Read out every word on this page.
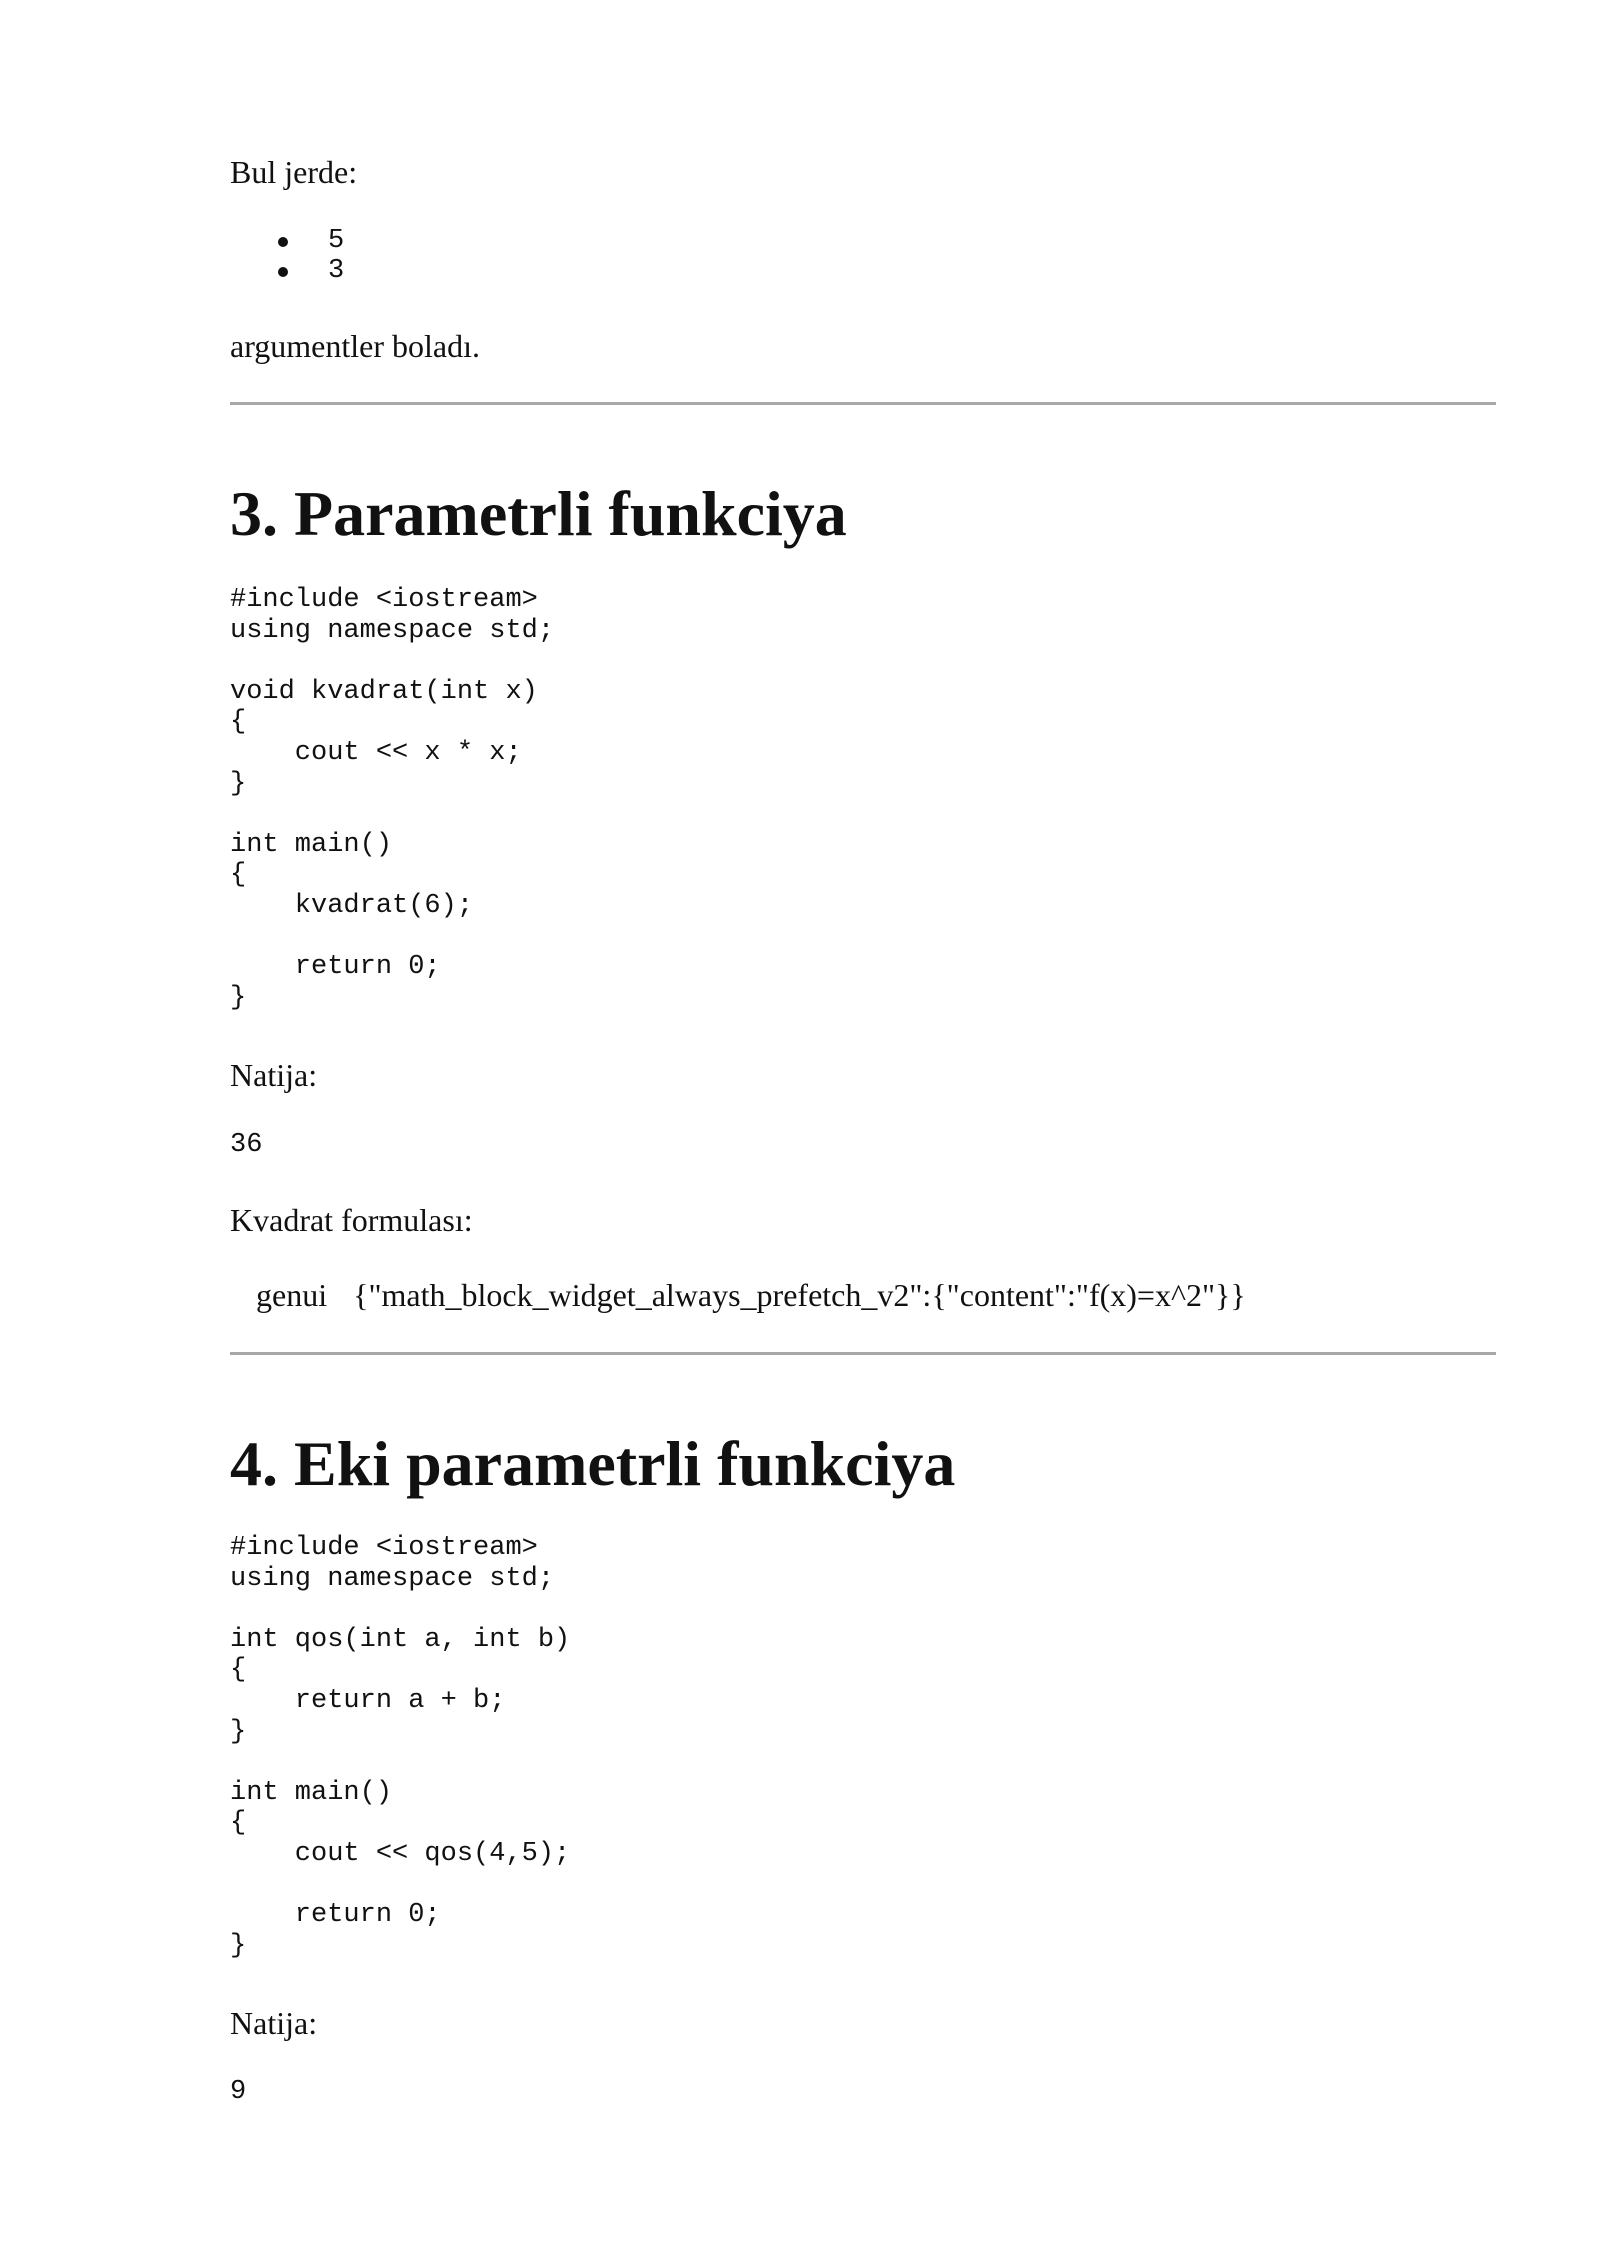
Bul jerde:

5
3

argumentler boladı.

3. Parametrli funkciya
#include <iostream>
using namespace std;

void kvadrat(int x)
{
cout << x * x;
}

int main()
{
kvadrat(6);

return 0;
}

Natija:

36

Kvadrat formulası:

genui {"math_block_widget_always_prefetch_v2":{"content":"f(x)=x^2"}}

4. Eki parametrli funkciya
#include <iostream>
using namespace std;

int qos(int a, int b)
{
return a + b;
}

int main()
{
cout << qos(4,5);

return 0;
}

Natija:

9
